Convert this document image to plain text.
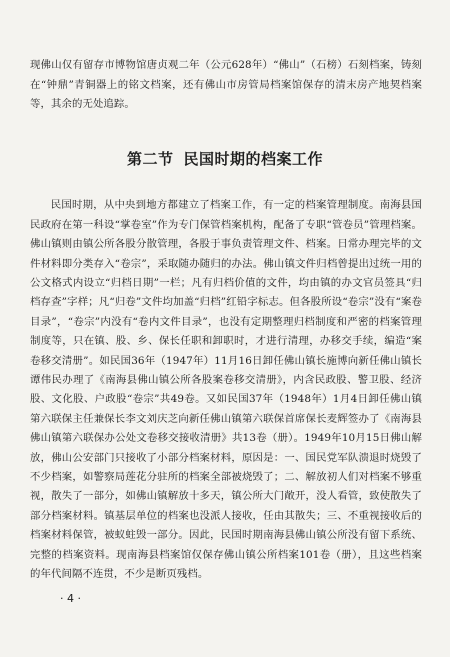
现佛山仅有留存市博物馆唐贞观二年（公元628年）“佛山”（石榜）石刻档案，铸刻在“钟鼎”青铜器上的铭文档案，还有佛山市房管局档案馆保存的清末房产地契档案等，其余的无处追踪。

第二节 民国时期的档案工作

民国时期，从中央到地方都建立了档案工作，有一定的档案管理制度。南海县国民政府在第一科设“掌卷室”作为专门保管档案机构，配备了专职“管卷员”管理档案。佛山镇则由镇公所各股分散管理，各股于事负责管理文件、档案。日常办理完毕的文件材料即分类存入“卷宗”，采取随办随归的办法。佛山镇文件归档曾提出过统一用的公文格式内设立“归档日期”一栏；凡有归档价值的文件，均由镇的办文官员签具“归档存查”字样；凡“归卷”文件均加盖“归档”红铅字标志。但各股所设“卷宗”没有“案卷目录”，“卷宗”内没有“卷内文件目录”，也没有定期整理归档制度和严密的档案管理制度等，只在镇、股、乡、保长任职和卸职时，才进行清理，办移交手续，编造“案卷移交清册”。如民国36年（1947年）11月16日卸任佛山镇长施博向新任佛山镇长谭伟民办理了《南海县佛山镇公所各股案卷移交清册》，内含民政股、警卫股、经济股、文化股、户政股“卷宗”共49卷。又如民国37年（1948年）1月4日卸任佛山镇第六联保主任兼保长李文刘庆芝向新任佛山镇第六联保首席保长麦辉签办了《南海县佛山镇第六联保办公处文卷移交接收清册》共13卷（册）。1949年10月15日佛山解放，佛山公安部门只接收了小部分档案材料，原因是：一、国民党军队溃退时烧毁了不少档案，如警察局莲花分驻所的档案全部被烧毁了；二、解放初人们对档案不够重视，散失了一部分，如佛山镇解放十多天，镇公所大门敞开，没人看管，致使散失了部分档案材料。镇基层单位的档案也没派人接收，任由其散失；三、不重视接收后的档案材料保管，被蚁蛀毁一部分。因此，民国时期南海县佛山镇公所没有留下系统、完整的档案资料。现南海县档案馆仅保存佛山镇公所档案101卷（册），且这些档案的年代间隔不连贯，不少是断页残档。

· 4 ·
